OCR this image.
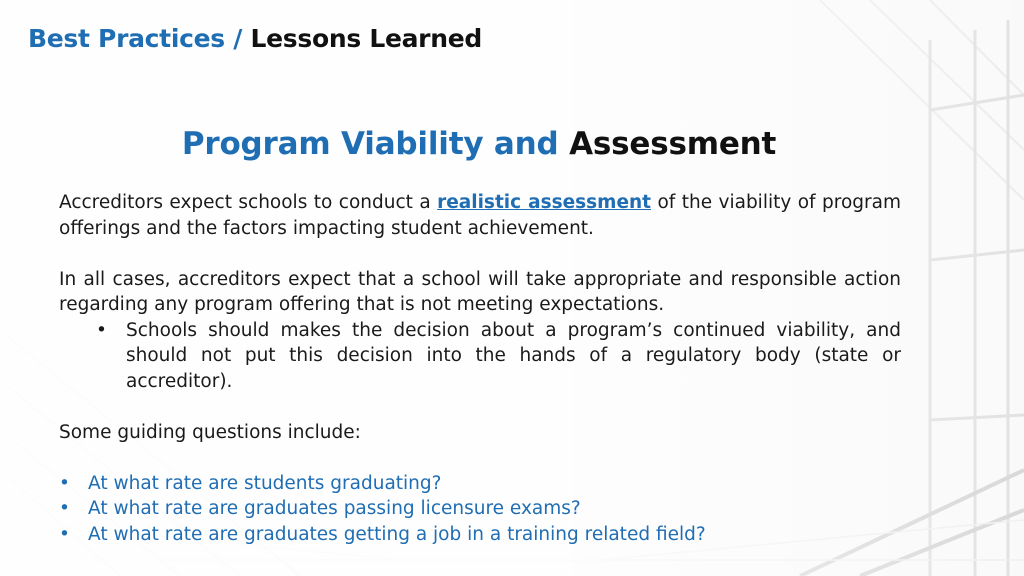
Best Practices / Lessons Learned
Program Viability and Assessment

Accreditors expect schools to conduct a realistic assessment of the viability of program offerings and the factors impacting student achievement.

In all cases, accreditors expect that a school will take appropriate and responsible action regarding any program offering that is not meeting expectations.

• Schools should makes the decision about a program’s continued viability, and should not put this decision into the hands of a regulatory body (state or accreditor).

Some guiding questions include:

• At what rate are students graduating?
• At what rate are graduates passing licensure exams?
• At what rate are graduates getting a job in a training related field?
